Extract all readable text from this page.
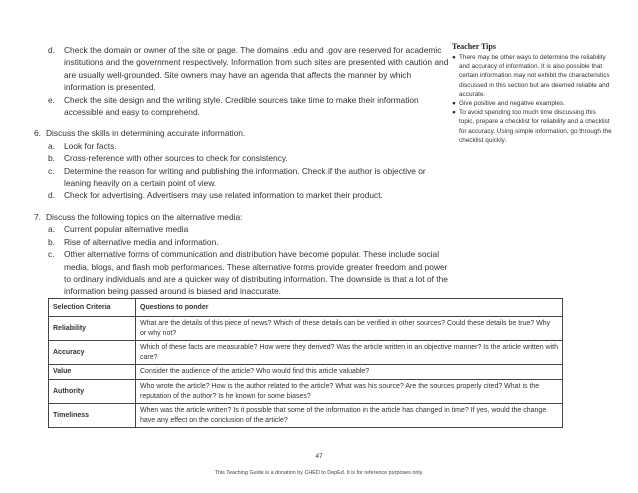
d. Check the domain or owner of the site or page. The domains .edu and .gov are reserved for academic institutions and the government respectively. Information from such sites are presented with caution and are usually well-grounded. Site owners may have an agenda that affects the manner by which information is presented.
e. Check the site design and the writing style. Credible sources take time to make their information accessible and easy to comprehend.
6. Discuss the skills in determining accurate information.
a. Look for facts.
b. Cross-reference with other sources to check for consistency.
c. Determine the reason for writing and publishing the information. Check if the author is objective or leaning heavily on a certain point of view.
d. Check for advertising. Advertisers may use related information to market their product.
7. Discuss the following topics on the alternative media:
a. Current popular alternative media
b. Rise of alternative media and information.
c. Other alternative forms of communication and distribution have become popular. These include social media, blogs, and flash mob performances. These alternative forms provide greater freedom and power to ordinary individuals and are a quicker way of distributing information. The downside is that a lot of the information being passed around is biased and inaccurate.
Teacher Tips
● There may be other ways to determine the reliability and accuracy of information. It is also possible that certain information may not exhibit the characteristics discussed in this section but are deemed reliable and accurate.
● Give positive and negative examples.
● To avoid spending too much time discussing this topic, prepare a checklist for reliability and a checklist for accuracy. Using simple information, go through the checklist quickly.
Selection Criteria	Questions to ponder
Reliability	What are the details of this piece of news? Which of these details can be verified in other sources? Could these details be true? Why or why not?
Accuracy	Which of these facts are measurable? How were they derived? Was the article written in an objective manner? Is the article written with care?
Value	Consider the audience of the article? Who would find this article valuable?
Authority	Who wrote the article? How is the author related to the article? What was his source? Are the sources properly cited? What is the reputation of the author? Is he known for some biases?
Timeliness	When was the article written? Is it possible that some of the information in the article has changed in time? If yes, would the change have any effect on the conclusion of the article?
47
This Teaching Guide is a donation by CHED to DepEd. It is for reference purposes only.
